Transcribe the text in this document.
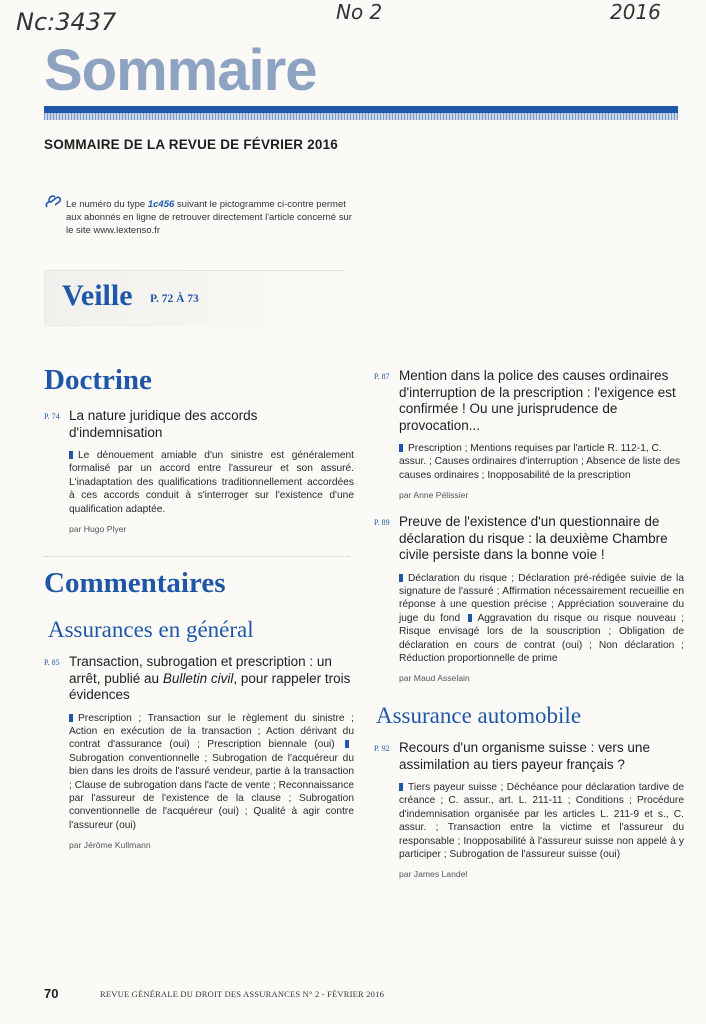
Nc:3437	No 2	2016
Sommaire
SOMMAIRE DE LA REVUE DE FÉVRIER 2016
Le numéro du type 1c456 suivant le pictogramme ci-contre permet aux abonnés en ligne de retrouver directement l'article concerné sur le site www.lextenso.fr
Veille P. 72 À 73
Doctrine
P. 74 La nature juridique des accords d'indemnisation
Le dénouement amiable d'un sinistre est généralement formalisé par un accord entre l'assureur et son assuré. L'inadaptation des qualifications traditionnellement accordées à ces accords conduit à s'interroger sur l'existence d'une qualification adaptée.
par Hugo Plyer
Commentaires
Assurances en général
P. 85 Transaction, subrogation et prescription : un arrêt, publié au Bulletin civil, pour rappeler trois évidences
Prescription ; Transaction sur le règlement du sinistre ; Action en exécution de la transaction ; Action dérivant du contrat d'assurance (oui) ; Prescription biennale (oui) Subrogation conventionnelle ; Subrogation de l'acquéreur du bien dans les droits de l'assuré vendeur, partie à la transaction ; Clause de subrogation dans l'acte de vente ; Reconnaissance par l'assureur de l'existence de la clause ; Subrogation conventionnelle de l'acquéreur (oui) ; Qualité à agir contre l'assureur (oui)
par Jérôme Kullmann
P. 87 Mention dans la police des causes ordinaires d'interruption de la prescription : l'exigence est confirmée ! Ou une jurisprudence de provocation...
Prescription ; Mentions requises par l'article R. 112-1, C. assur. ; Causes ordinaires d'interruption ; Absence de liste des causes ordinaires ; Inopposabilité de la prescription
par Anne Pélissier
P. 89 Preuve de l'existence d'un questionnaire de déclaration du risque : la deuxième Chambre civile persiste dans la bonne voie !
Déclaration du risque ; Déclaration pré-rédigée suivie de la signature de l'assuré ; Affirmation nécessairement recueillie en réponse à une question précise ; Appréciation souveraine du juge du fond Aggravation du risque ou risque nouveau ; Risque envisagé lors de la souscription ; Obligation de déclaration en cours de contrat (oui) ; Non déclaration ; Réduction proportionnelle de prime
par Maud Asselain
Assurance automobile
P. 92 Recours d'un organisme suisse : vers une assimilation au tiers payeur français ?
Tiers payeur suisse ; Déchéance pour déclaration tardive de créance ; C. assur., art. L. 211-11 ; Conditions ; Procédure d'indemnisation organisée par les articles L. 211-9 et s., C. assur. ; Transaction entre la victime et l'assureur du responsable ; Inopposabilité à l'assureur suisse non appelé à y participer ; Subrogation de l'assureur suisse (oui)
par James Landel
70	REVUE GÉNÉRALE DU DROIT DES ASSURANCES N° 2 - FÉVRIER 2016
